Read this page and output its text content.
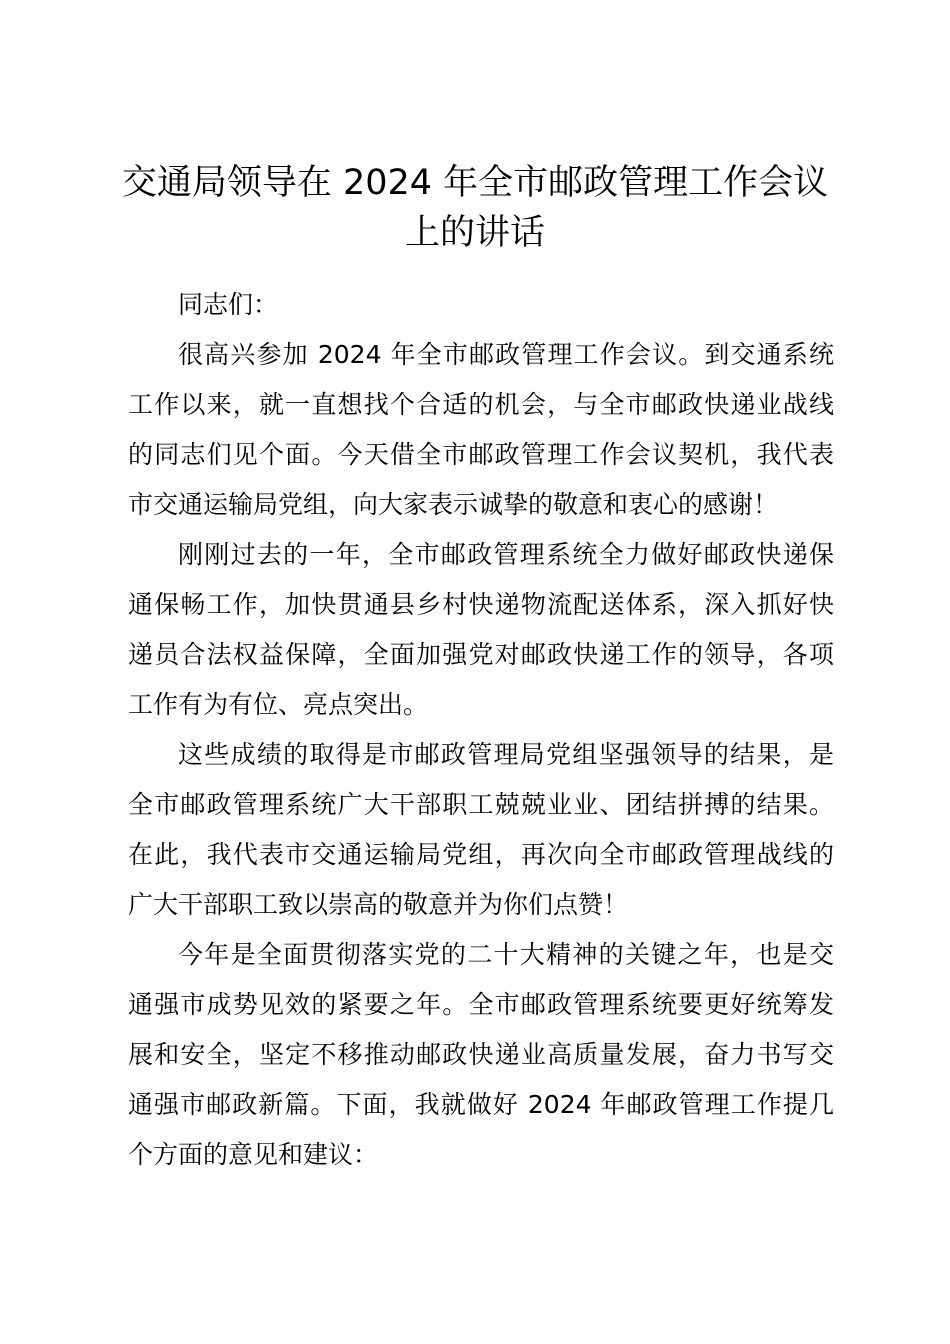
交通局领导在 2024 年全市邮政管理工作会议
上的讲话
同志们：
很高兴参加 2024 年全市邮政管理工作会议。到交通系统
工作以来，就一直想找个合适的机会，与全市邮政快递业战线
的同志们见个面。今天借全市邮政管理工作会议契机，我代表
市交通运输局党组，向大家表示诚挚的敬意和衷心的感谢！
刚刚过去的一年，全市邮政管理系统全力做好邮政快递保
通保畅工作，加快贯通县乡村快递物流配送体系，深入抓好快
递员合法权益保障，全面加强党对邮政快递工作的领导，各项
工作有为有位、亮点突出。
这些成绩的取得是市邮政管理局党组坚强领导的结果，是
全市邮政管理系统广大干部职工兢兢业业、团结拼搏的结果。
在此，我代表市交通运输局党组，再次向全市邮政管理战线的
广大干部职工致以崇高的敬意并为你们点赞！
今年是全面贯彻落实党的二十大精神的关键之年，也是交
通强市成势见效的紧要之年。全市邮政管理系统要更好统筹发
展和安全，坚定不移推动邮政快递业高质量发展，奋力书写交
通强市邮政新篇。下面，我就做好 2024 年邮政管理工作提几
个方面的意见和建议：
